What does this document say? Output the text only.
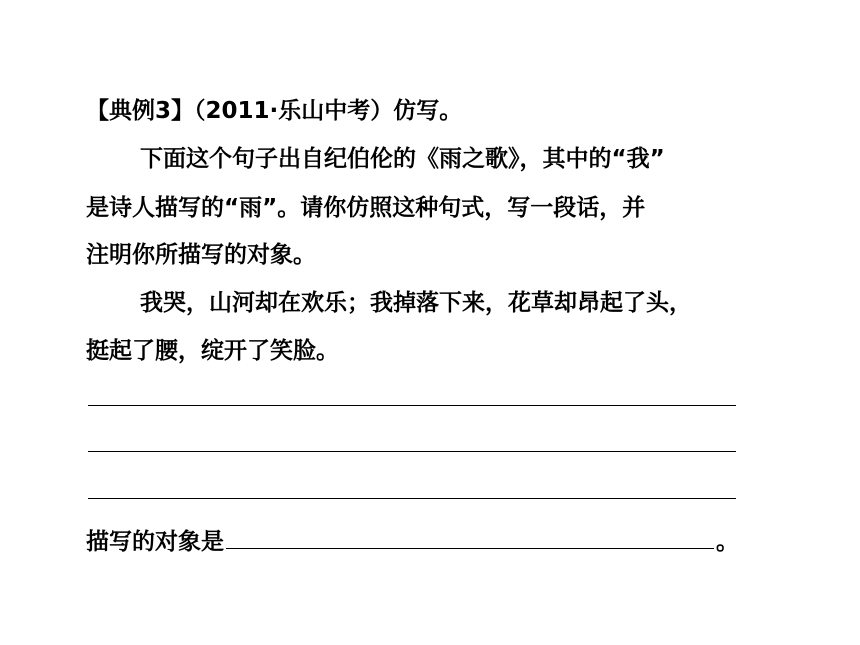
【典例3】（2011·乐山中考）仿写。
下面这个句子出自纪伯伦的《雨之歌》，其中的“我”
是诗人描写的“雨”。请你仿照这种句式，写一段话，并
注明你所描写的对象。
我哭，山河却在欢乐；我掉落下来，花草却昂起了头，
挺起了腰，绽开了笑脸。
描写的对象是	。
